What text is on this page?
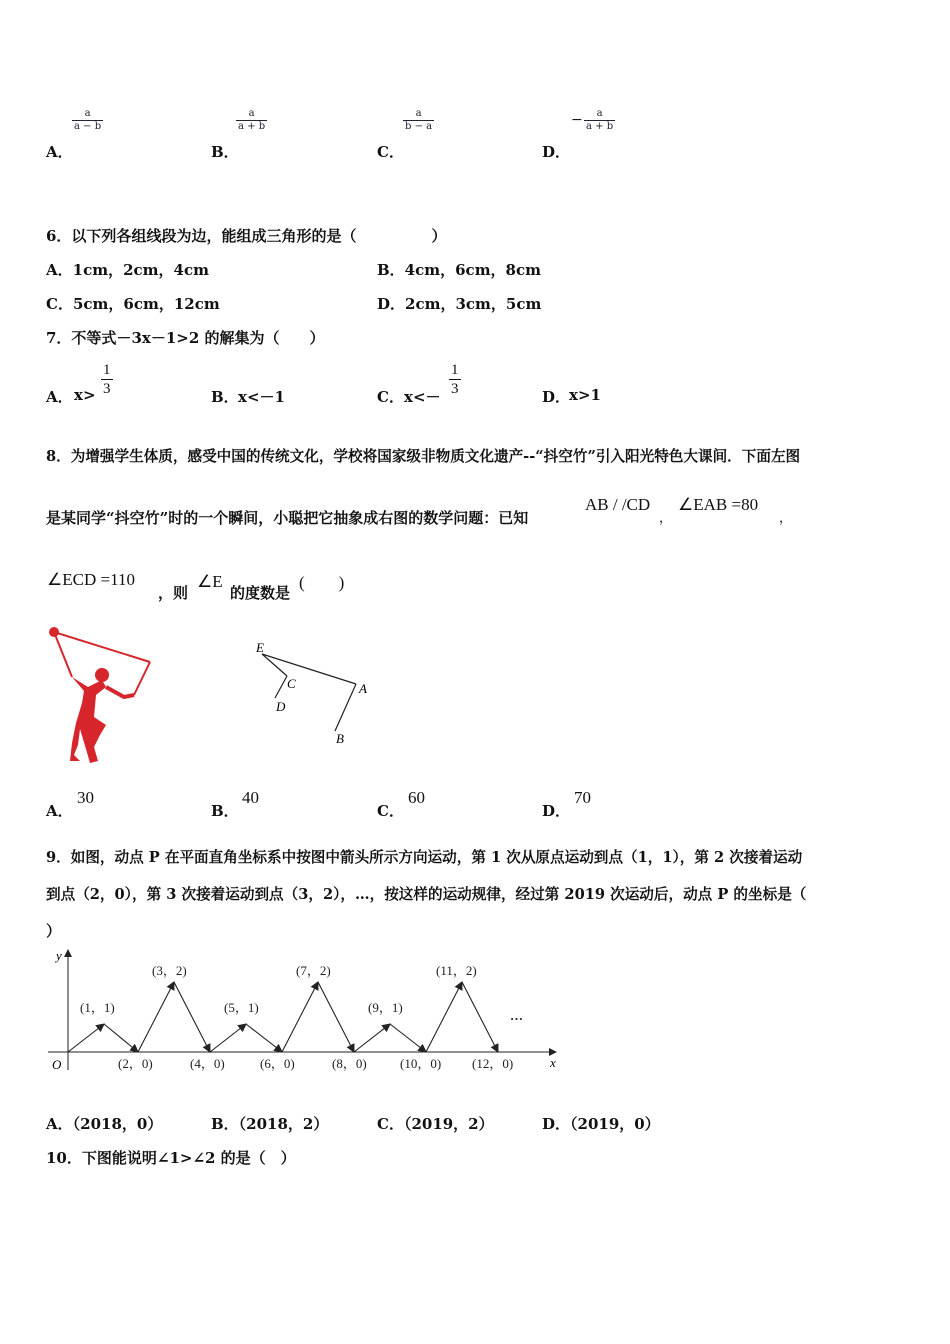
A．
$\frac{a}{a - b}$
B．
$\frac{a}{a + b}$
C．
$\frac{a}{b - a}$
D．
− $\frac{a}{a + b}$
6．以下列各组线段为边，能组成三角形的是（　　　　　）
A．1cm，2cm，4cm	B．4cm，6cm，8cm
C．5cm，6cm，12cm	D．2cm，3cm，5cm
7．不等式－3x－1>2 的解集为（　　）
A． $x> \frac{1}{3}$	B． x<－1	C． $x<- \frac{1}{3}$	D．
x>1
8．为增强学生体质，感受中国的传统文化，学校将国家级非物质文化遗产--“抖空竹”引入阳光特色大课间．下面左图
是某同学“抖空竹”时的一个瞬间，小聪把它抽象成右图的数学问题：已知
AB / /CD
，
∠EAB =80
，
∠ECD =110
，则
∠E
的度数是
(　　)
E
C
D
A
B
A．
30
B．
40
C．
60
D．
70
9．如图，动点 P 在平面直角坐标系中按图中箭头所示方向运动，第 1 次从原点运动到点（1，1），第 2 次接着运动
到点（2，0），第 3 次接着运动到点（3，2），…，按这样的运动规律，经过第 2019 次运动后，动点 P 的坐标是（
）
y
x
O
(1，1)
(3，2)
(5，1)
(7，2)
(9，1)
(11，2)
(2，0)	(4，0)	(6，0)	(8，0)	(10，0) (12，0)
…
A．（2018，0）	B．（2018，2）	C．（2019，2）	D．（2019，0）
10．下图能说明∠1>∠2 的是（　）
